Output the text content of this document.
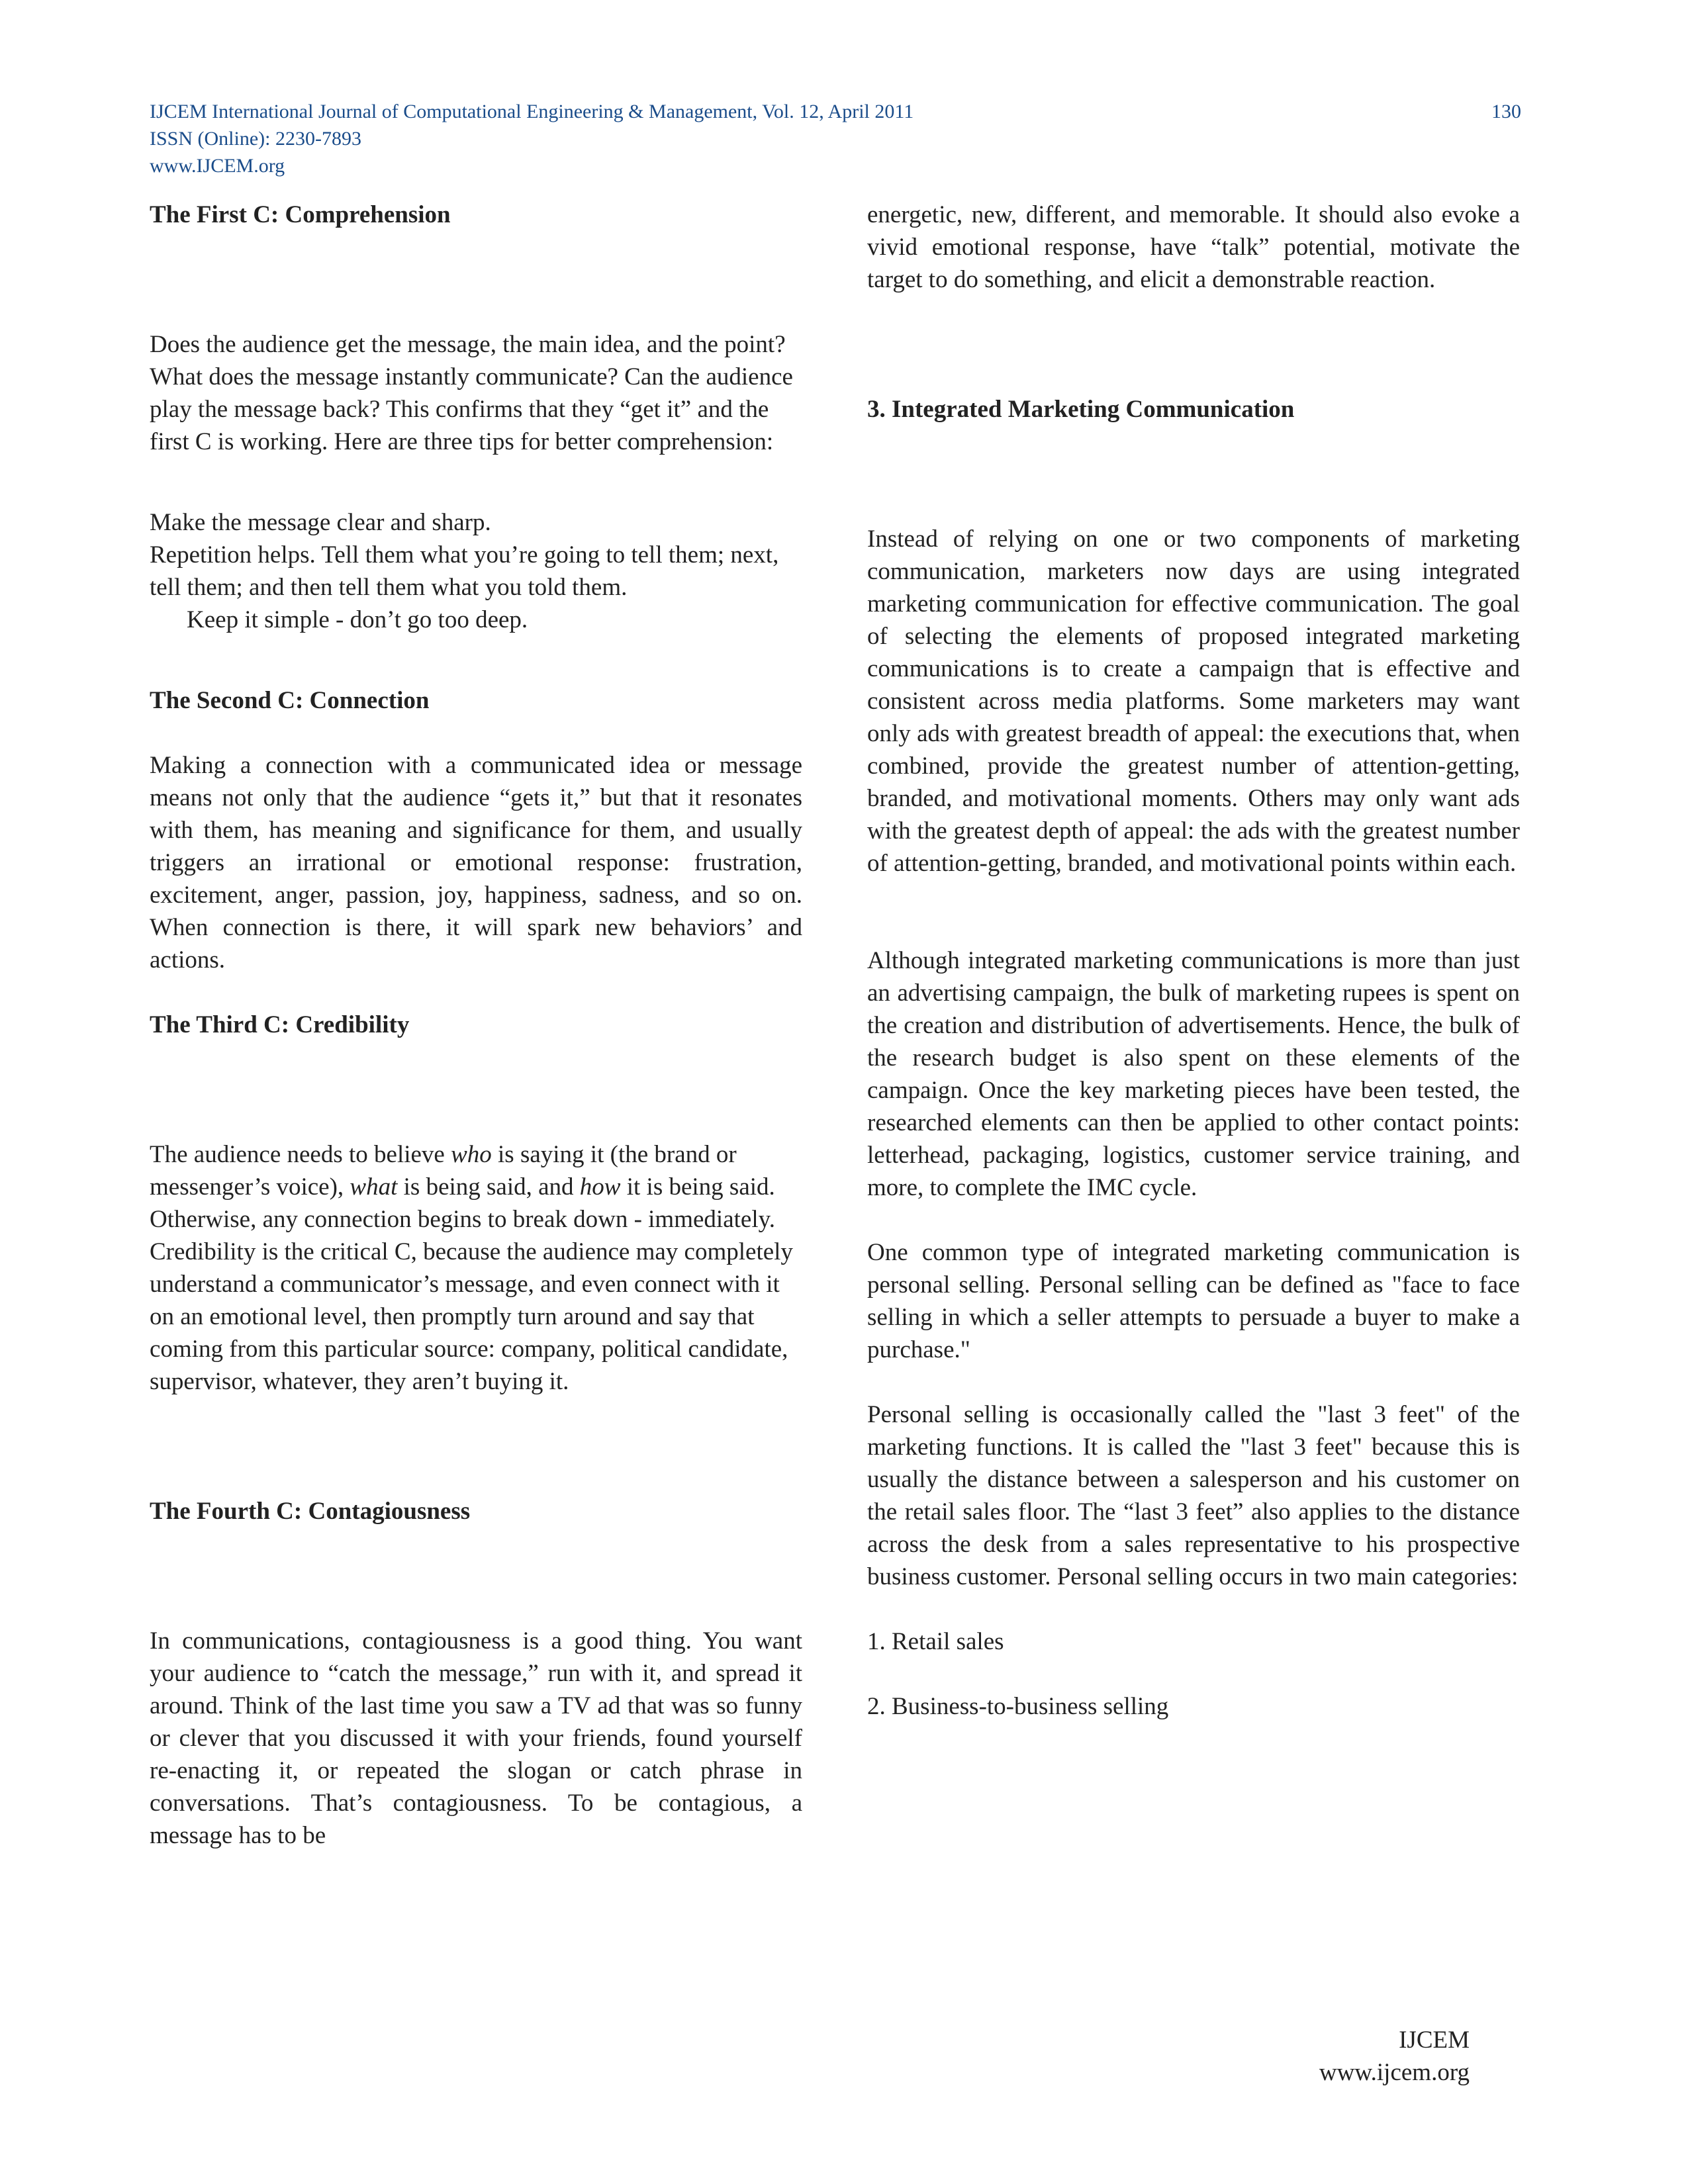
IJCEM International Journal of Computational Engineering & Management, Vol. 12, April 2011	130
ISSN (Online): 2230-7893
www.IJCEM.org

The First C: Comprehension

Does the audience get the message, the main idea, and the point? What does the message instantly communicate? Can the audience play the message back? This confirms that they “get it” and the first C is working. Here are three tips for better comprehension:

Make the message clear and sharp.

Repetition helps. Tell them what you’re going to tell them; next, tell them; and then tell them what you told them.

Keep it simple - don’t go too deep.

The Second C: Connection

Making a connection with a communicated idea or message means not only that the audience “gets it,” but that it resonates with them, has meaning and significance for them, and usually triggers an irrational or emotional response: frustration, excitement, anger, passion, joy, happiness, sadness, and so on. When connection is there, it will spark new behaviors’ and actions.

The Third C: Credibility

The audience needs to believe who is saying it (the brand or messenger’s voice), what is being said, and how it is being said. Otherwise, any connection begins to break down - immediately. Credibility is the critical C, because the audience may completely understand a communicator’s message, and even connect with it on an emotional level, then promptly turn around and say that coming from this particular source: company, political candidate, supervisor, whatever, they aren’t buying it.

The Fourth C: Contagiousness

In communications, contagiousness is a good thing. You want your audience to “catch the message,” run with it, and spread it around. Think of the last time you saw a TV ad that was so funny or clever that you discussed it with your friends, found yourself re-enacting it, or repeated the slogan or catch phrase in conversations. That’s contagiousness. To be contagious, a message has to be

energetic, new, different, and memorable. It should also evoke a vivid emotional response, have “talk” potential, motivate the target to do something, and elicit a demonstrable reaction.

3. Integrated Marketing Communication

Instead of relying on one or two components of marketing communication, marketers now days are using integrated marketing communication for effective communication. The goal of selecting the elements of proposed integrated marketing communications is to create a campaign that is effective and consistent across media platforms. Some marketers may want only ads with greatest breadth of appeal: the executions that, when combined, provide the greatest number of attention-getting, branded, and motivational moments. Others may only want ads with the greatest depth of appeal: the ads with the greatest number of attention-getting, branded, and motivational points within each.

Although integrated marketing communications is more than just an advertising campaign, the bulk of marketing rupees is spent on the creation and distribution of advertisements. Hence, the bulk of the research budget is also spent on these elements of the campaign. Once the key marketing pieces have been tested, the researched elements can then be applied to other contact points: letterhead, packaging, logistics, customer service training, and more, to complete the IMC cycle.

One common type of integrated marketing communication is personal selling. Personal selling can be defined as "face to face selling in which a seller attempts to persuade a buyer to make a purchase."

Personal selling is occasionally called the "last 3 feet" of the marketing functions. It is called the "last 3 feet" because this is usually the distance between a salesperson and his customer on the retail sales floor. The “last 3 feet” also applies to the distance across the desk from a sales representative to his prospective business customer. Personal selling occurs in two main categories:

1. Retail sales

2. Business-to-business selling

IJCEM
www.ijcem.org
